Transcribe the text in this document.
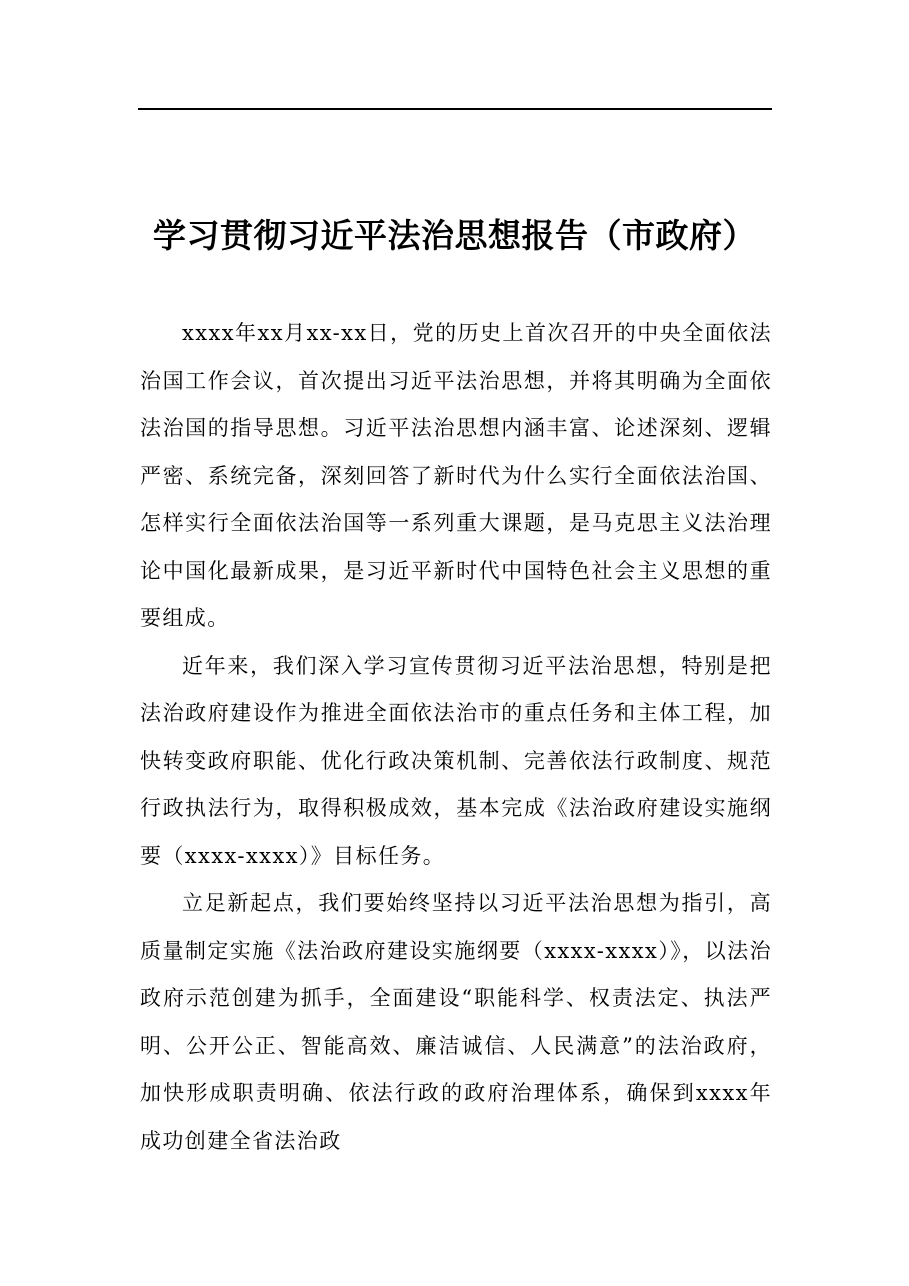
学习贯彻习近平法治思想报告（市政府）

xxxx年xx月xx-xx日，党的历史上首次召开的中央全面依法治国工作会议，首次提出习近平法治思想，并将其明确为全面依法治国的指导思想。习近平法治思想内涵丰富、论述深刻、逻辑严密、系统完备，深刻回答了新时代为什么实行全面依法治国、怎样实行全面依法治国等一系列重大课题，是马克思主义法治理论中国化最新成果，是习近平新时代中国特色社会主义思想的重要组成。

近年来，我们深入学习宣传贯彻习近平法治思想，特别是把法治政府建设作为推进全面依法治市的重点任务和主体工程，加快转变政府职能、优化行政决策机制、完善依法行政制度、规范行政执法行为，取得积极成效，基本完成《法治政府建设实施纲要（xxxx-xxxx）》目标任务。

立足新起点，我们要始终坚持以习近平法治思想为指引，高质量制定实施《法治政府建设实施纲要（xxxx-xxxx）》，以法治政府示范创建为抓手，全面建设“职能科学、权责法定、执法严明、公开公正、智能高效、廉洁诚信、人民满意”的法治政府，加快形成职责明确、依法行政的政府治理体系，确保到xxxx年成功创建全省法治政
